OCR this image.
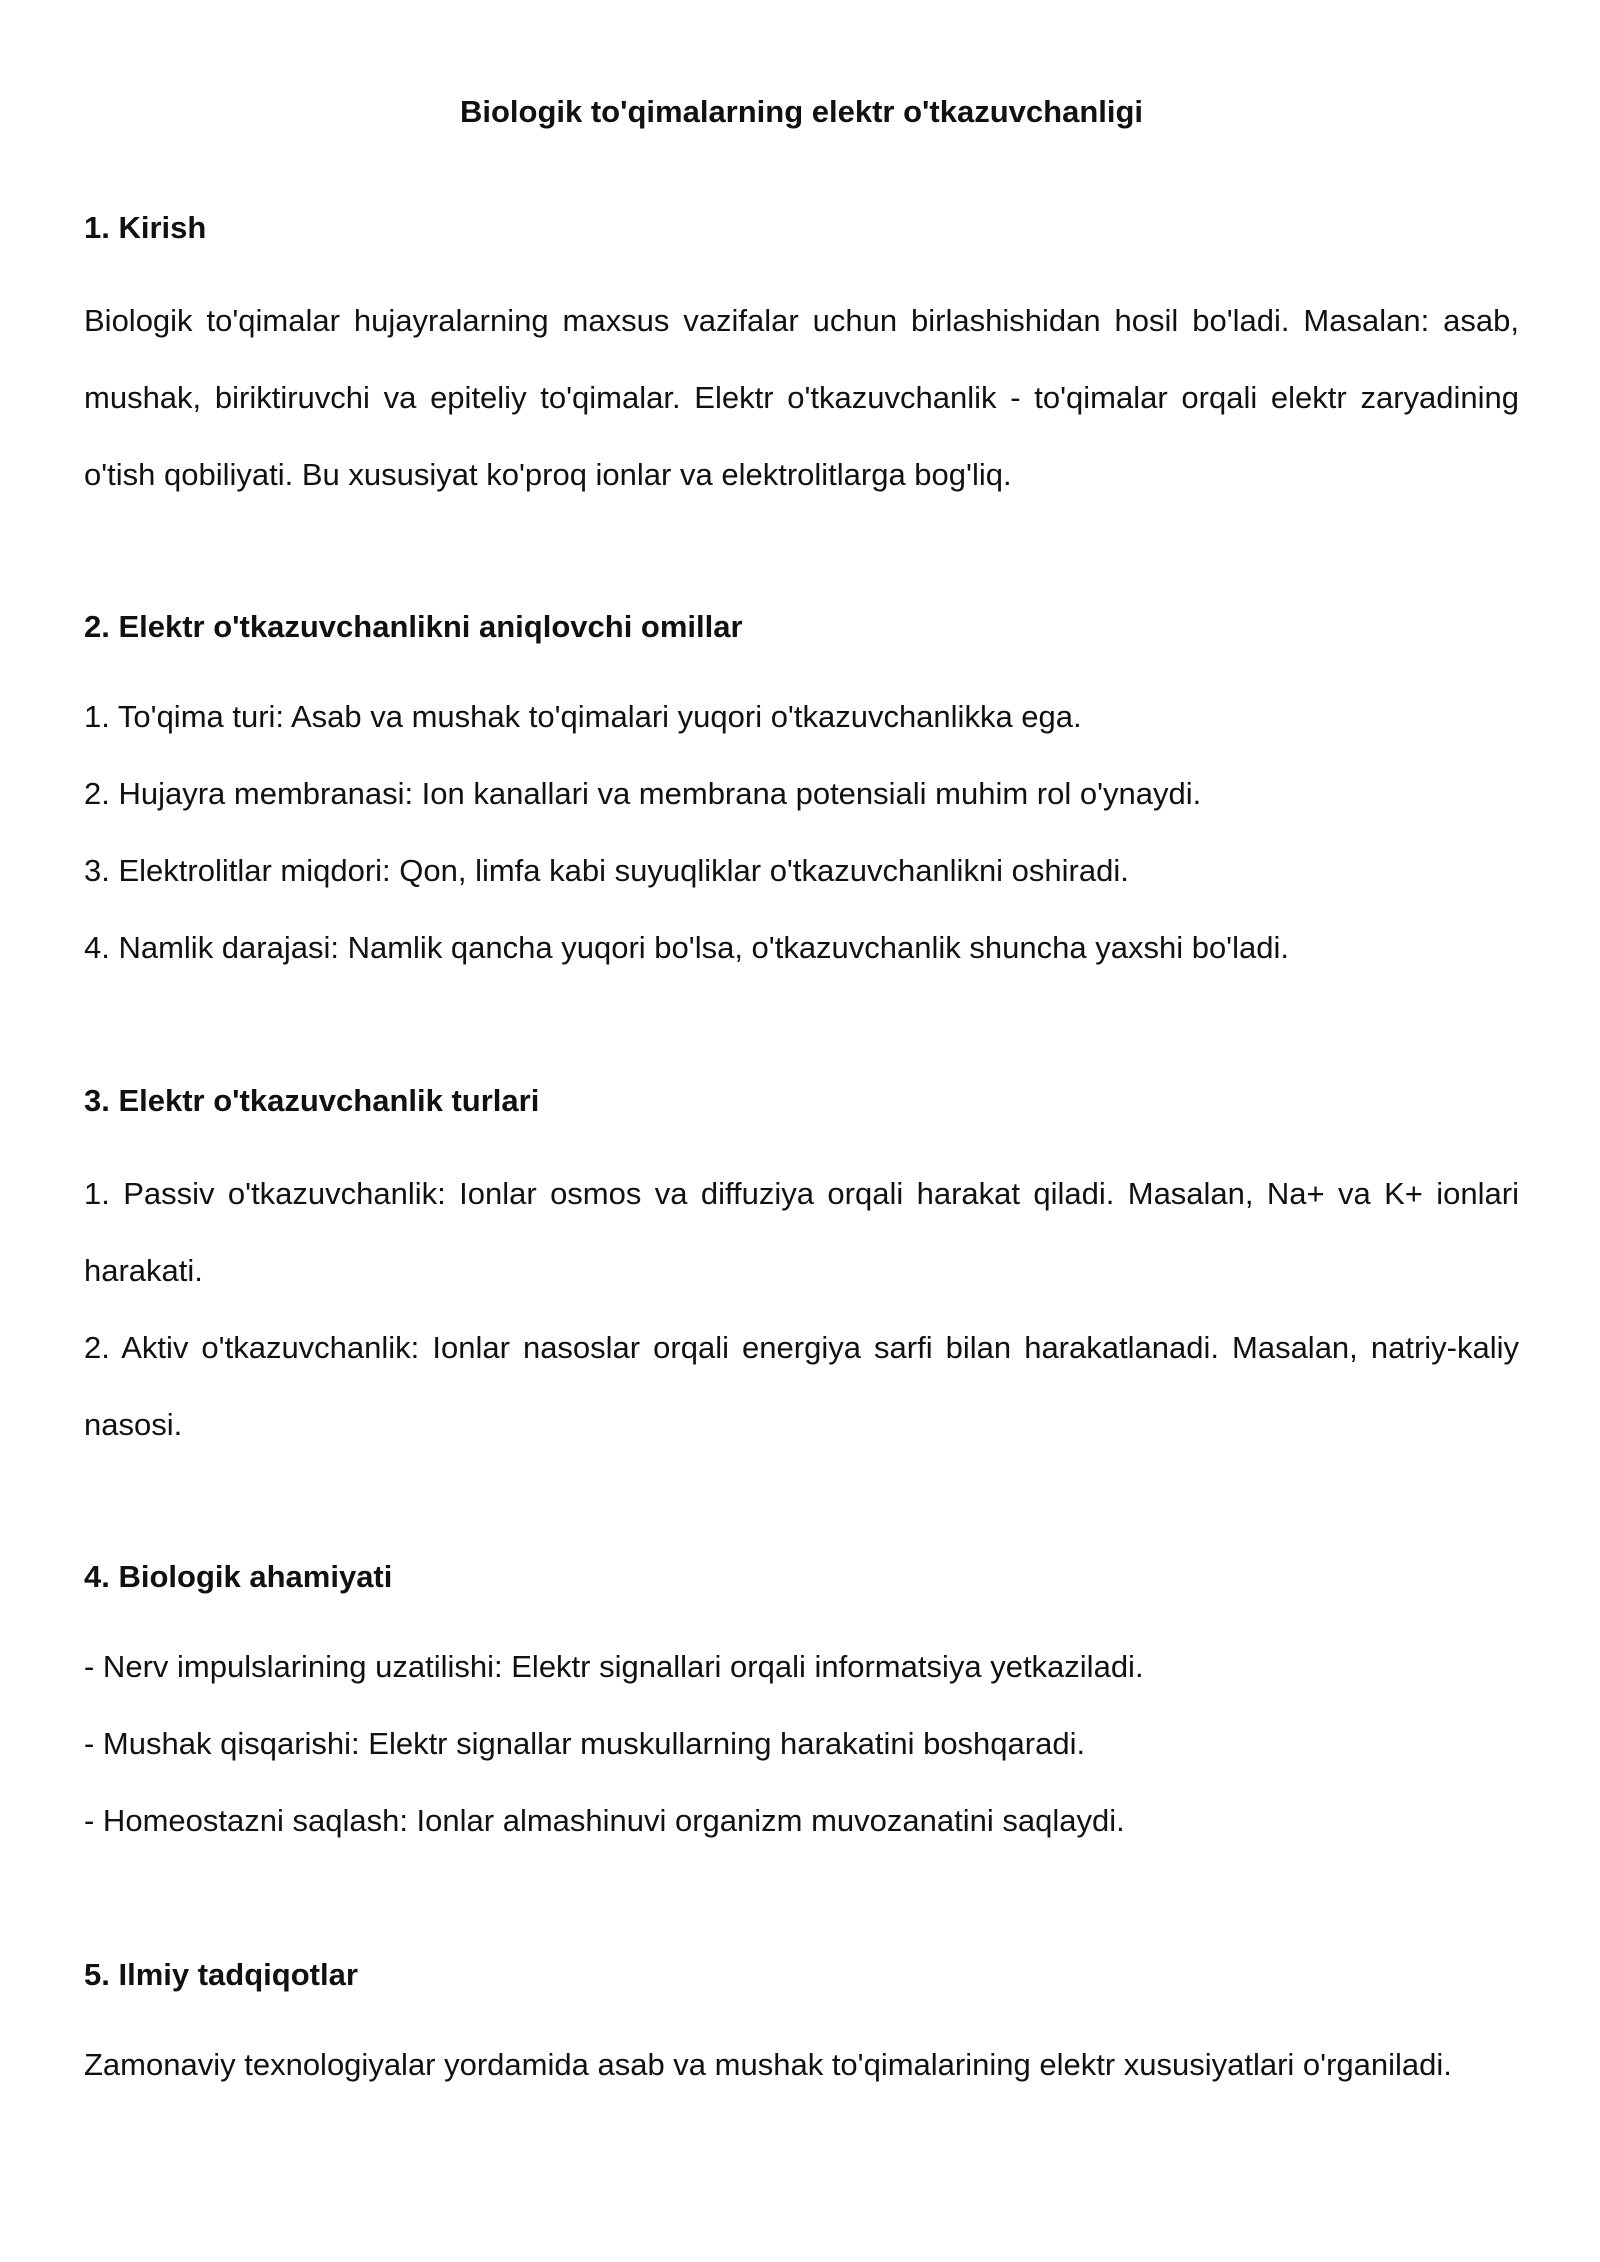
Biologik to'qimalarning elektr o'tkazuvchanligi
1. Kirish

Biologik to'qimalar hujayralarning maxsus vazifalar uchun birlashishidan hosil bo'ladi. Masalan: asab, mushak, biriktiruvchi va epiteliy to'qimalar. Elektr o'tkazuvchanlik - to'qimalar orqali elektr zaryadining o'tish qobiliyati. Bu xususiyat ko'proq ionlar va elektrolitlarga bog'liq.

2. Elektr o'tkazuvchanlikni aniqlovchi omillar

1. To'qima turi: Asab va mushak to'qimalari yuqori o'tkazuvchanlikka ega.

2. Hujayra membranasi: Ion kanallari va membrana potensiali muhim rol o'ynaydi.

3. Elektrolitlar miqdori: Qon, limfa kabi suyuqliklar o'tkazuvchanlikni oshiradi.

4. Namlik darajasi: Namlik qancha yuqori bo'lsa, o'tkazuvchanlik shuncha yaxshi bo'ladi.

3. Elektr o'tkazuvchanlik turlari

1. Passiv o'tkazuvchanlik: Ionlar osmos va diffuziya orqali harakat qiladi. Masalan, Na+ va K+ ionlari harakati.

2. Aktiv o'tkazuvchanlik: Ionlar nasoslar orqali energiya sarfi bilan harakatlanadi. Masalan, natriy-kaliy nasosi.

4. Biologik ahamiyati

- Nerv impulslarining uzatilishi: Elektr signallari orqali informatsiya yetkaziladi.

- Mushak qisqarishi: Elektr signallar muskullarning harakatini boshqaradi.

- Homeostazni saqlash: Ionlar almashinuvi organizm muvozanatini saqlaydi.

5. Ilmiy tadqiqotlar

Zamonaviy texnologiyalar yordamida asab va mushak to'qimalarining elektr xususiyatlari o'rganiladi.
